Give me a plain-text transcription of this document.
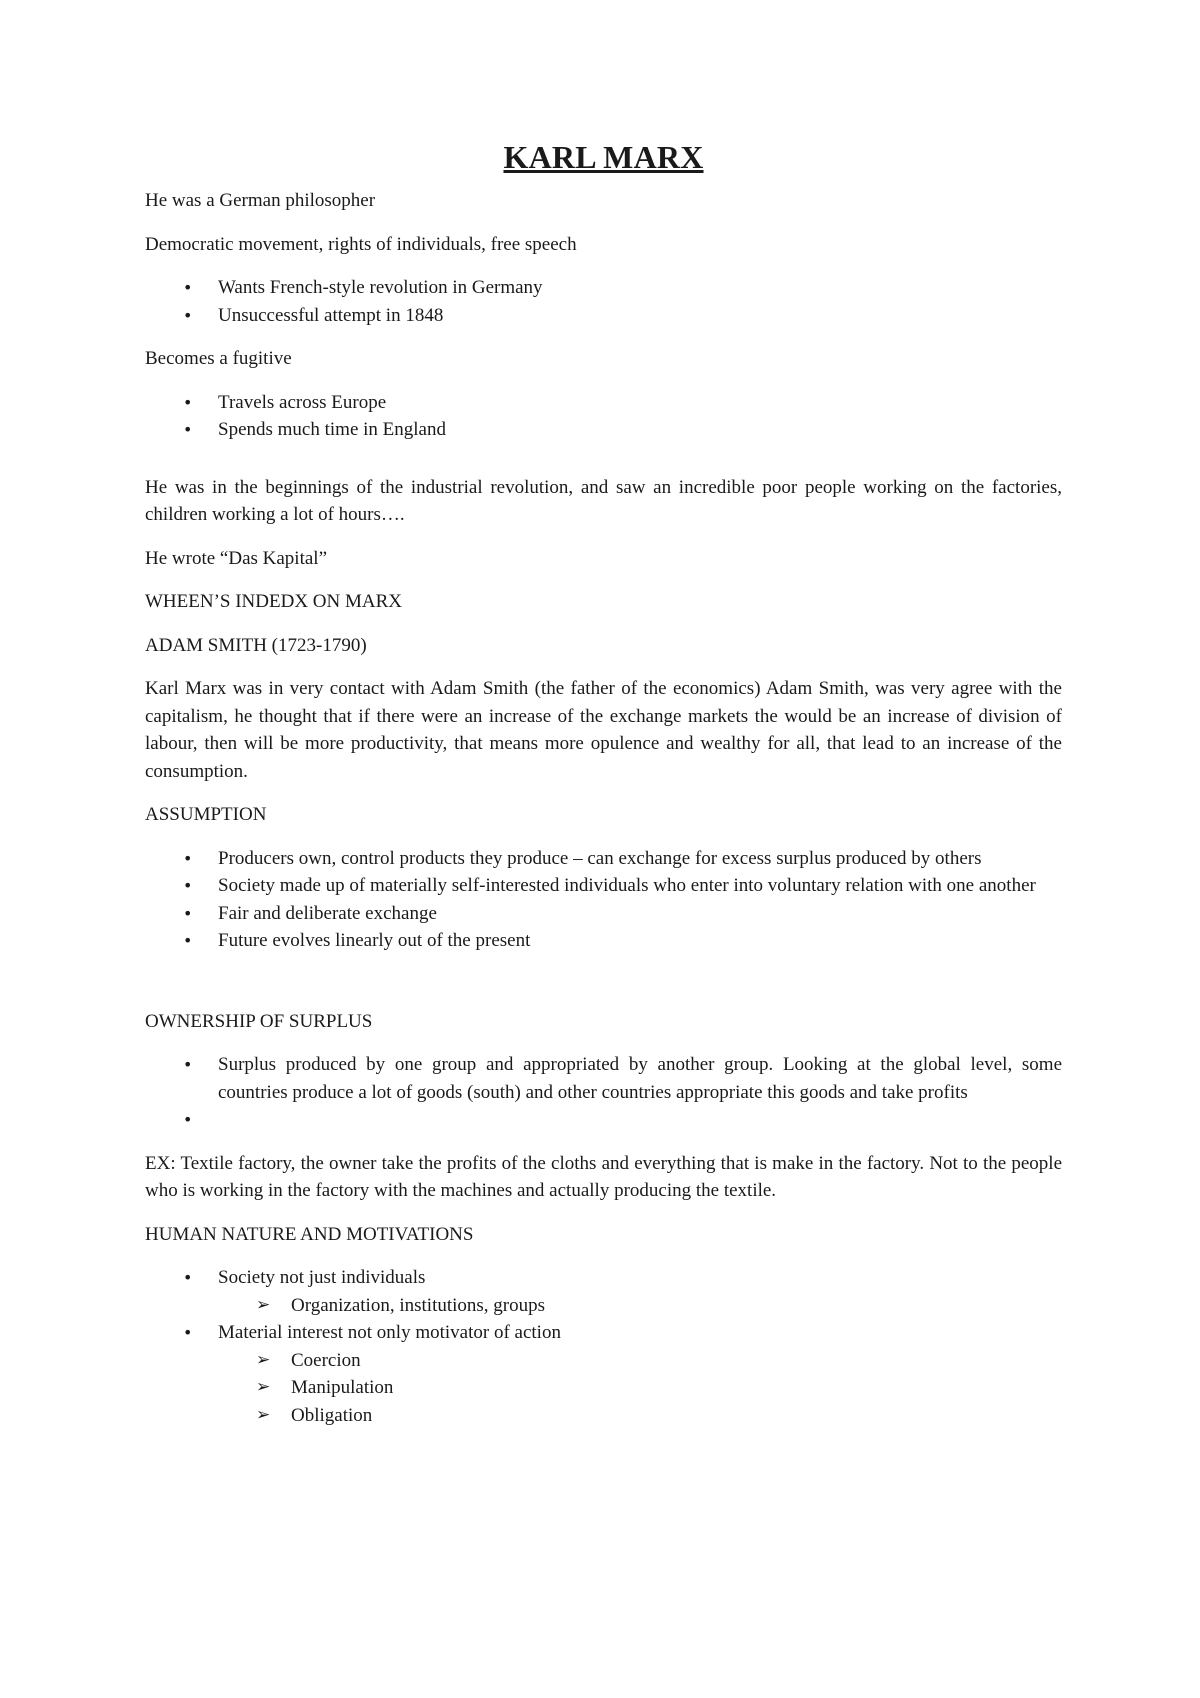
KARL MARX

He was a German philosopher

Democratic movement, rights of individuals, free speech

• Wants French-style revolution in Germany
• Unsuccessful attempt in 1848

Becomes a fugitive

• Travels across Europe
• Spends much time in England

He was in the beginnings of the industrial revolution, and saw an incredible poor people working on the factories, children working a lot of hours….

He wrote “Das Kapital”

WHEEN’S INDEDX ON MARX

ADAM SMITH (1723-1790)

Karl Marx was in very contact with Adam Smith (the father of the economics) Adam Smith, was very agree with the capitalism, he thought that if there were an increase of the exchange markets the would be an increase of division of labour, then will be more productivity, that means more opulence and wealthy for all, that lead to an increase of the consumption.

ASSUMPTION

• Producers own, control products they produce – can exchange for excess surplus produced by others
• Society made up of materially self-interested individuals who enter into voluntary relation with one another
• Fair and deliberate exchange
• Future evolves linearly out of the present

OWNERSHIP OF SURPLUS

• Surplus produced by one group and appropriated by another group. Looking at the global level, some countries produce a lot of goods (south) and other countries appropriate this goods and take profits
•

EX: Textile factory, the owner take the profits of the cloths and everything that is make in the factory. Not to the people who is working in the factory with the machines and actually producing the textile.

HUMAN NATURE AND MOTIVATIONS

• Society not just individuals
➢ Organization, institutions, groups
• Material interest not only motivator of action
➢ Coercion
➢ Manipulation
➢ Obligation
